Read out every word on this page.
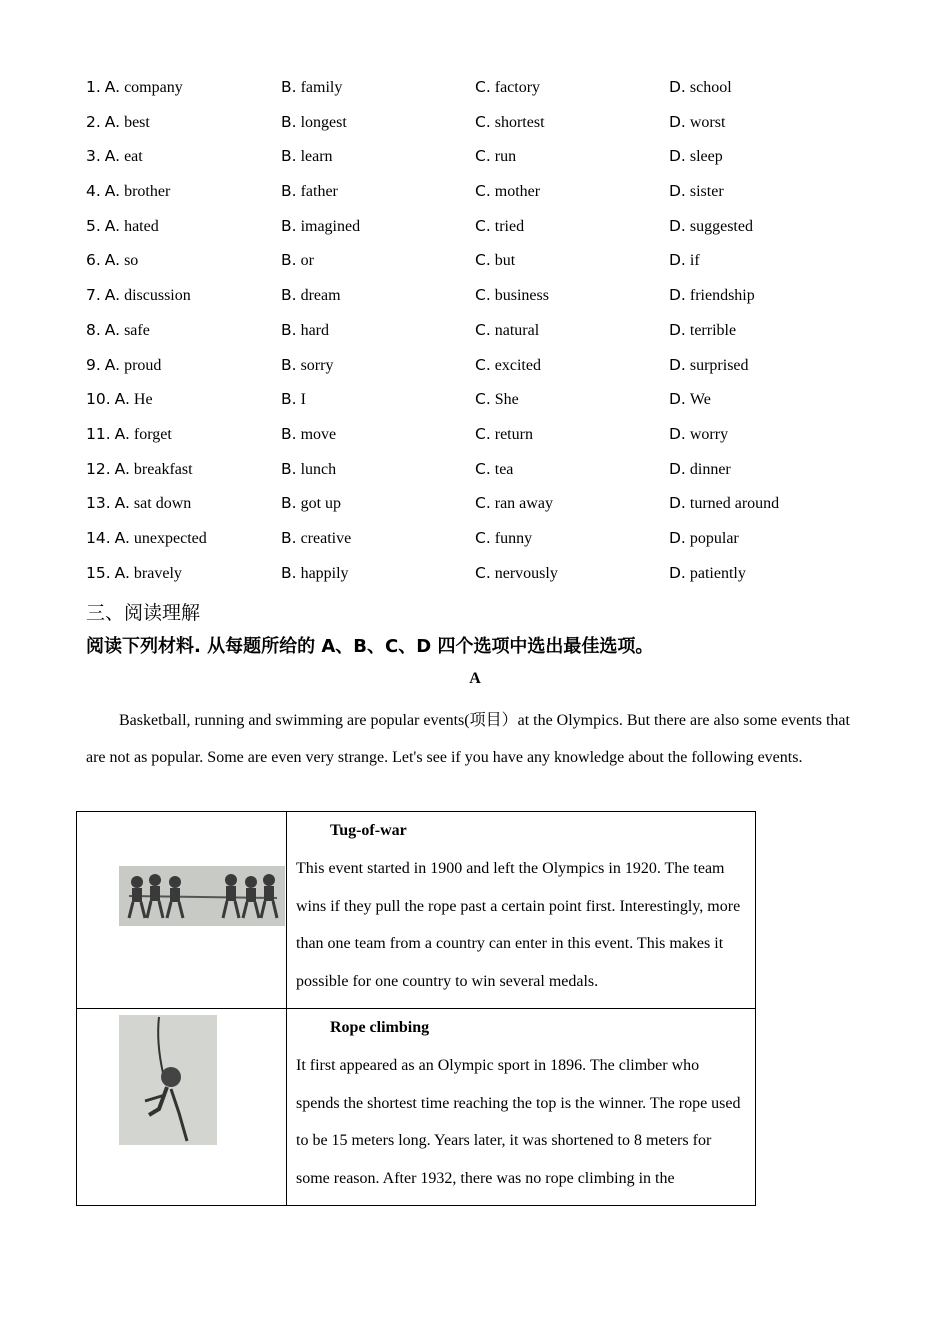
1. A. company	B. family	C. factory	D. school
2. A. best	B. longest	C. shortest	D. worst
3. A. eat	B. learn	C. run	D. sleep
4. A. brother	B. father	C. mother	D. sister
5. A. hated	B. imagined	C. tried	D. suggested
6. A. so	B. or	C. but	D. if
7. A. discussion	B. dream	C. business	D. friendship
8. A. safe	B. hard	C. natural	D. terrible
9. A. proud	B. sorry	C. excited	D. surprised
10. A. He	B. I	C. She	D. We
11. A. forget	B. move	C. return	D. worry
12. A. breakfast	B. lunch	C. tea	D. dinner
13. A. sat down	B. got up	C. ran away	D. turned around
14. A. unexpected	B. creative	C. funny	D. popular
15. A. bravely	B. happily	C. nervously	D. patiently
三、阅读理解
阅读下列材料. 从每题所给的 A、B、C、D 四个选项中选出最佳选项。
A
Basketball, running and swimming are popular events(项目）at the Olympics. But there are also some events that are not as popular. Some are even very strange. Let's see if you have any knowledge about the following events.

Tug-of-war
This event started in 1900 and left the Olympics in 1920. The team wins if they pull the rope past a certain point first. Interestingly, more than one team from a country can enter in this event. This makes it possible for one country to win several medals.

Rope climbing
It first appeared as an Olympic sport in 1896. The climber who spends the shortest time reaching the top is the winner. The rope used to be 15 meters long. Years later, it was shortened to 8 meters for some reason. After 1932, there was no rope climbing in the
